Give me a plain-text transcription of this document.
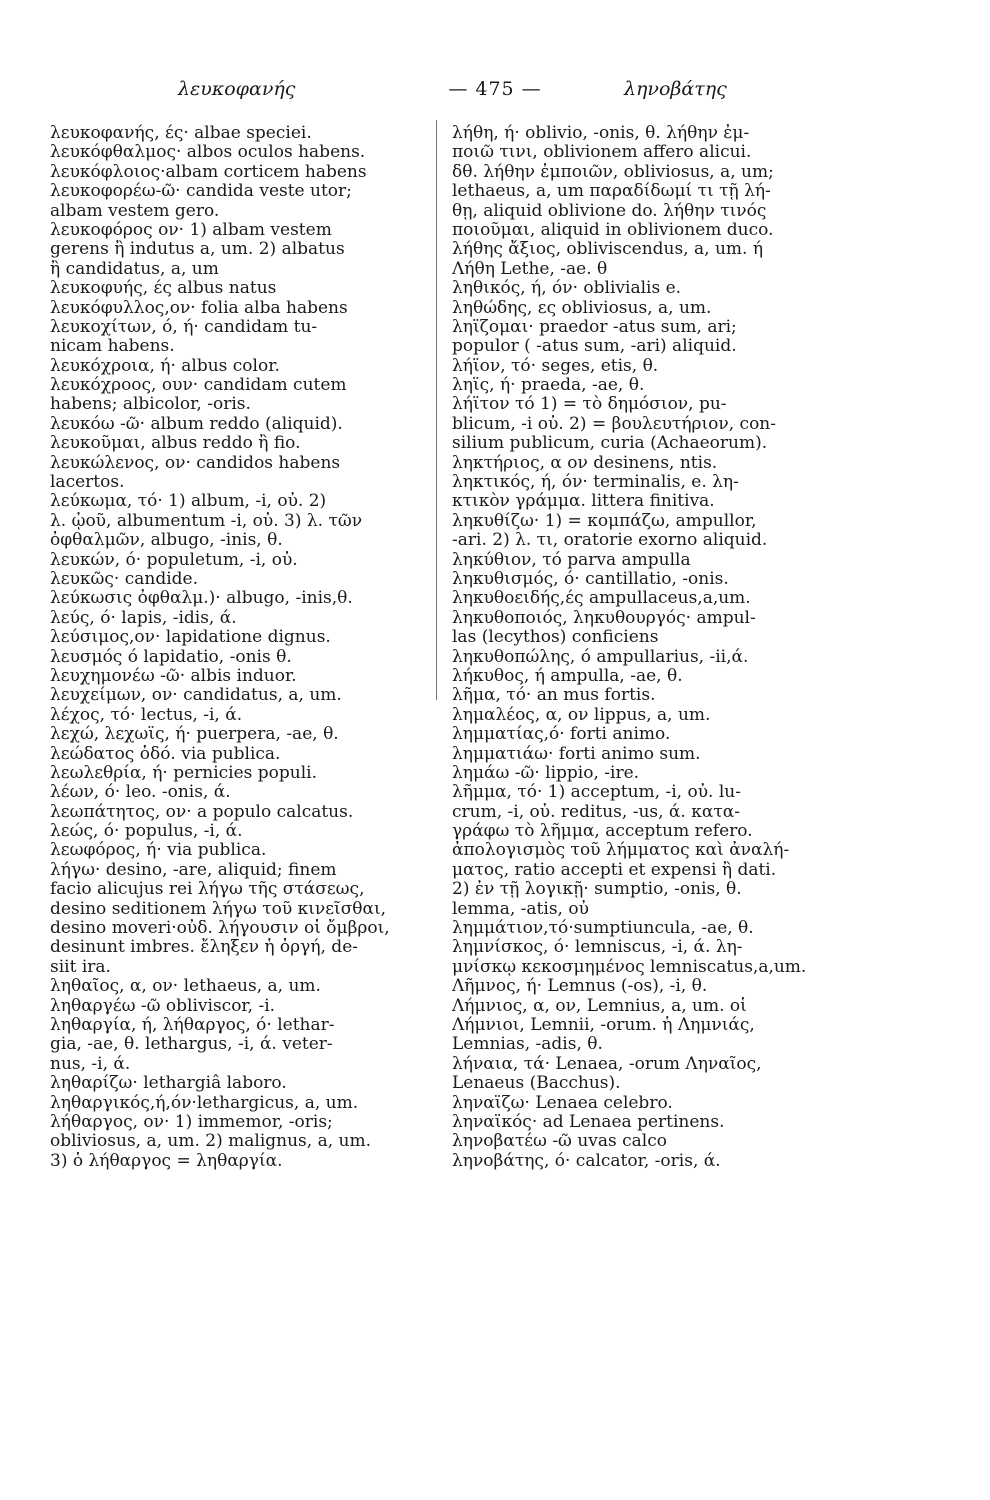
λευκοφανής	— 475 —	ληνοβάτης
λευκοφανής, ές· albae speciei.
λευκόφθαλμος· albos oculos habens.
λευκόφλοιος·albam corticem habens
λευκοφορέω-ῶ· candida veste utor;
albam vestem gero.
λευκοφόρος ον· 1) albam vestem
gerens ἢ indutus a, um. 2) albatus
ἢ candidatus, a, um
λευκοφυής, ές albus natus
λευκόφυλλος,ον· folia alba habens
λευκοχίτων, ό, ή· candidam tu-
nicam habens.
λευκόχροια, ή· albus color.
λευκόχροος, ουν· candidam cutem
habens; albicolor, -oris.
λευκόω -ῶ· album reddo (aliquid).
λευκοῦμαι, albus reddo ἢ fio.
λευκώλενος, ον· candidos habens
lacertos.
λεύκωμα, τό· 1) album, -i, οὐ. 2)
λ. ᾠοῦ, albumentum -i, οὐ. 3) λ. τῶν
ὀφθαλμῶν, albugo, -inis, θ.
λευκών, ό· populetum, -i, οὐ.
λευκῶς· candide.
λεύκωσις ὀφθαλμ.)· albugo, -inis,θ.
λεύς, ό· lapis, -idis, ά.
λεύσιμος,ον· lapidatione dignus.
λευσμός ό lapidatio, -onis θ.
λευχημονέω -ῶ· albis induor.
λευχείμων, ον· candidatus, a, um.
λέχος, τό· lectus, -i, ά.
λεχώ, λεχωΐς, ή· puerpera, -ae, θ.
λεώδατος ὁδό. via publica.
λεωλεθρία, ή· pernicies populi.
λέων, ό· leo. -onis, ά.
λεωπάτητος, ον· a populo calcatus.
λεώς, ό· populus, -i, ά.
λεωφόρος, ή· via publica.
λήγω· desino, -are, aliquid; finem
facio alicujus rei λήγω τῆς στάσεως,
desino seditionem λήγω τοῦ κινεῖσθαι,
desino moveri·οὐδ. λήγουσιν οἱ ὄμβροι,
desinunt imbres. ἔληξεν ἡ ὀργή, de-
siit ira.
ληθαῖος, α, ον· lethaeus, a, um.
ληθαργέω -ῶ obliviscor, -i.
ληθαργία, ή, λήθαργος, ό· lethar-
gia, -ae, θ. lethargus, -i, ά. veter-
nus, -i, ά.
ληθαρίζω· lethargiâ laboro.
ληθαργικός,ή,όν·lethargicus, a, um.
λήθαργος, ον· 1) immemor, -oris;
obliviosus, a, um. 2) malignus, a, um.
3) ὁ λήθαργος = ληθαργία.
λήθη, ή· oblivio, -onis, θ. λήθην ἐμ-
ποιῶ τινι, oblivionem affero alicui.
δθ. λήθην ἐμποιῶν, obliviosus, a, um;
lethaeus, a, um παραδίδωμί τι τῇ λή-
θῃ, aliquid oblivione do. λήθην τινός
ποιοῦμαι, aliquid in oblivionem duco.
λήθης ἄξιος, obliviscendus, a, um. ή
Λήθη Lethe, -ae. θ
ληθικός, ή, όν· oblivialis e.
ληθώδης, ες obliviosus, a, um.
ληΐζομαι· praedor -atus sum, ari;
populor ( -atus sum, -ari) aliquid.
λήϊον, τό· seges, etis, θ.
ληΐς, ή· praeda, -ae, θ.
λήϊτον τό 1) = τὸ δημόσιον, pu-
blicum, -i οὐ. 2) = βουλευτήριον, con-
silium publicum, curia (Achaeorum).
ληκτήριος, α ον desinens, ntis.
ληκτικός, ή, όν· terminalis, e. λη-
κτικὸν γράμμα. littera finitiva.
ληκυθίζω· 1) = κομπάζω, ampullor,
-ari. 2) λ. τι, oratorie exorno aliquid.
ληκύθιον, τό parva ampulla
ληκυθισμός, ό· cantillatio, -onis.
ληκυθοειδής,ές ampullaceus,a,um.
ληκυθοποιός, ληκυθουργός· ampul-
las (lecythos) conficiens
ληκυθοπώλης, ό ampullarius, -ii,ά.
λήκυθος, ή ampulla, -ae, θ.
λῆμα, τό· an mus fortis.
λημαλέος, α, ον lippus, a, um.
λημματίας,ό· forti animo.
λημματιάω· forti animo sum.
λημάω -ῶ· lippio, -ire.
λῆμμα, τό· 1) acceptum, -i, οὐ. lu-
crum, -i, οὐ. reditus, -us, ά. κατα-
γράφω τὸ λῆμμα, acceptum refero.
ἀπολογισμὸς τοῦ λήμματος καὶ ἀναλή-
ματος, ratio accepti et expensi ἢ dati.
2) ἐν τῇ λογικῇ· sumptio, -onis, θ.
lemma, -atis, οὐ
λημμάτιον,τό·sumptiuncula, -ae, θ.
λημνίσκος, ό· lemniscus, -i, ά. λη-
μνίσκῳ κεκοσμημένος lemniscatus,a,um.
Λῆμνος, ή· Lemnus (-os), -i, θ.
Λήμνιος, α, ον, Lemnius, a, um. οἱ
Λήμνιοι, Lemnii, -orum. ἡ Λημνιάς,
Lemnias, -adis, θ.
λήναια, τά· Lenaea, -orum Ληναῖος,
Lenaeus (Bacchus).
ληναΐζω· Lenaea celebro.
ληναϊκός· ad Lenaea pertinens.
ληνοβατέω -ῶ uvas calco
ληνοβάτης, ό· calcator, -oris, ά.
